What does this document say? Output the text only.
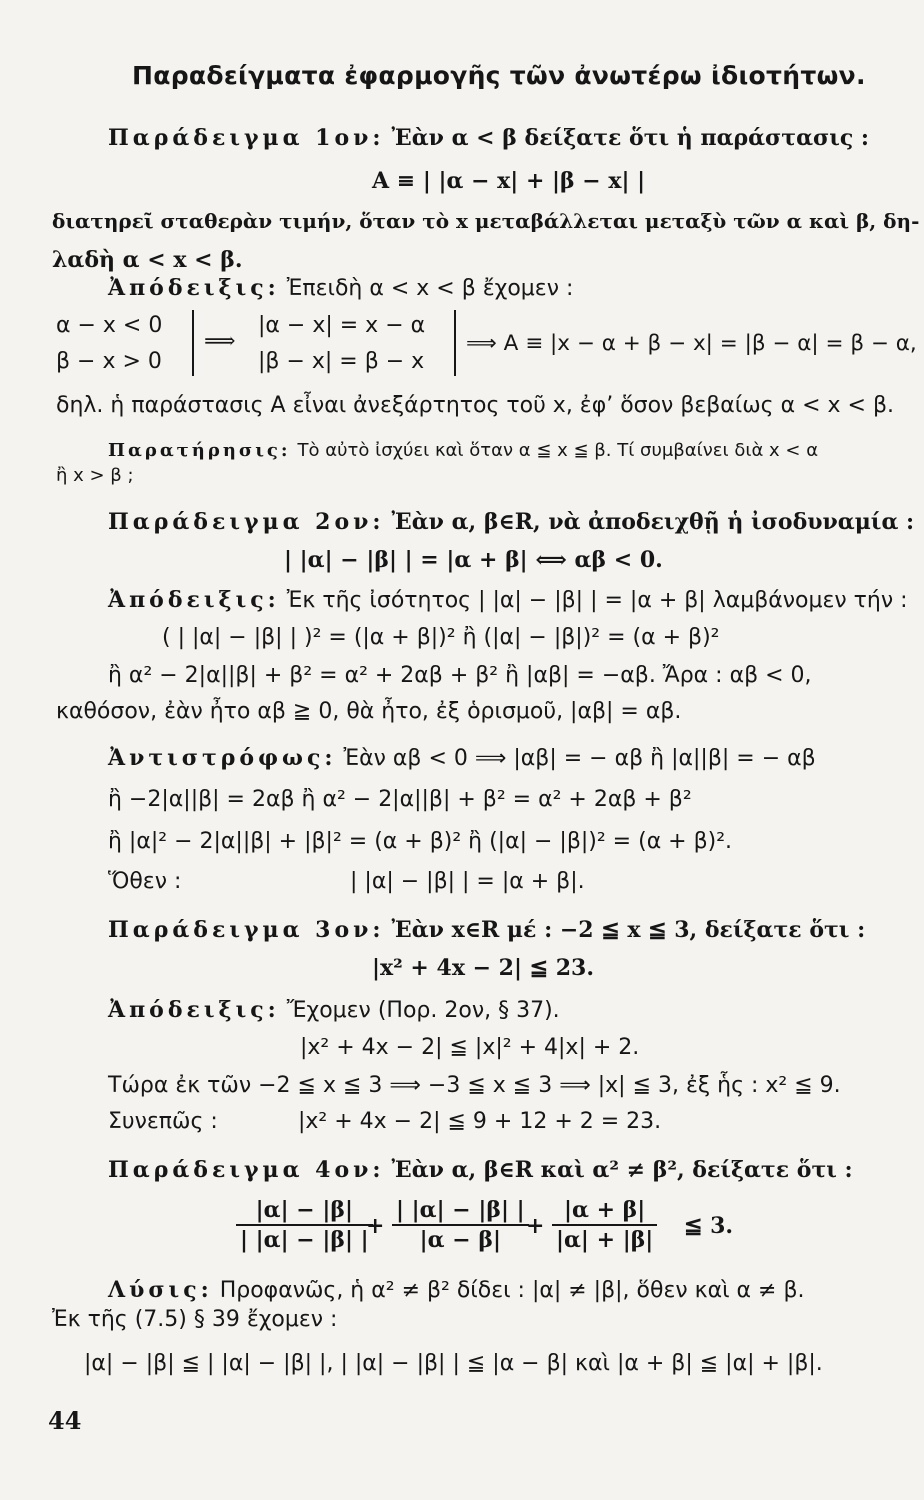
Παραδείγματα ἐφαρμογῆς τῶν ἀνωτέρω ἰδιοτήτων.
Παράδειγμα 1ον: Ἐὰν α < β δείξατε ὅτι ἡ παράστασις :
A ≡ | |α − x| + |β − x| |
διατηρεῖ σταθερὰν τιμήν, ὅταν τὸ x μεταβάλλεται μεταξὺ τῶν α καὶ β, δη-
λαδὴ α < x < β.
Ἀπόδειξις: Ἐπειδὴ α < x < β ἔχομεν :
α − x < 0
β − x > 0
⟹
|α − x| = x − α
|β − x| = β − x
⟹ A ≡ |x − α + β − x| = |β − α| = β − α,
δηλ. ἡ παράστασις A εἶναι ἀνεξάρτητος τοῦ x, ἐφ’ ὅσον βεβαίως α < x < β.
Παρατήρησις: Τὸ αὐτὸ ἰσχύει καὶ ὅταν α ≦ x ≦ β. Τί συμβαίνει διὰ x < α
ἢ x > β ;
Παράδειγμα 2ον: Ἐὰν α, β∈R, νὰ ἀποδειχθῇ ἡ ἰσοδυναμία :
| |α| − |β| | = |α + β| ⟺ αβ < 0.
Ἀπόδειξις: Ἐκ τῆς ἰσότητος | |α| − |β| | = |α + β| λαμβάνομεν τήν :
( | |α| − |β| | )² = (|α + β|)² ἢ (|α| − |β|)² = (α + β)²
ἢ α² − 2|α||β| + β² = α² + 2αβ + β² ἢ |αβ| = −αβ. Ἄρα : αβ < 0,
καθόσον, ἐὰν ἦτο αβ ≧ 0, θὰ ἦτο, ἐξ ὁρισμοῦ, |αβ| = αβ.
Ἀντιστρόφως: Ἐὰν αβ < 0 ⟹ |αβ| = − αβ ἢ |α||β| = − αβ
ἢ −2|α||β| = 2αβ ἢ α² − 2|α||β| + β² = α² + 2αβ + β²
ἢ |α|² − 2|α||β| + |β|² = (α + β)² ἢ (|α| − |β|)² = (α + β)².
Ὅθεν :	| |α| − |β| | = |α + β|.
Παράδειγμα 3ον: Ἐὰν x∈R μέ : −2 ≦ x ≦ 3, δείξατε ὅτι :
|x² + 4x − 2| ≦ 23.
Ἀπόδειξις: Ἔχομεν (Πορ. 2ον, § 37).
|x² + 4x − 2| ≦ |x|² + 4|x| + 2.
Τώρα ἐκ τῶν −2 ≦ x ≦ 3 ⟹ −3 ≦ x ≦ 3 ⟹ |x| ≦ 3, ἐξ ἧς : x² ≦ 9.
Συνεπῶς :	|x² + 4x − 2| ≦ 9 + 12 + 2 = 23.
Παράδειγμα 4ον: Ἐὰν α, β∈R καὶ α² ≠ β², δείξατε ὅτι :
$\frac{|\alpha| - |\beta|}{| |\alpha| - |\beta| |}$
+ $\frac{| |\alpha| - |\beta| |}{|\alpha - \beta|}$
+ $\frac{|\alpha + \beta|}{|\alpha| + |\beta|}$ ≦ 3.
Λύσις: Προφανῶς, ἡ α² ≠ β² δίδει : |α| ≠ |β|, ὅθεν καὶ α ≠ β.
Ἐκ τῆς (7.5) § 39 ἔχομεν :
|α| − |β| ≦ | |α| − |β| |, | |α| − |β| | ≦ |α − β| καὶ |α + β| ≦ |α| + |β|.
44
